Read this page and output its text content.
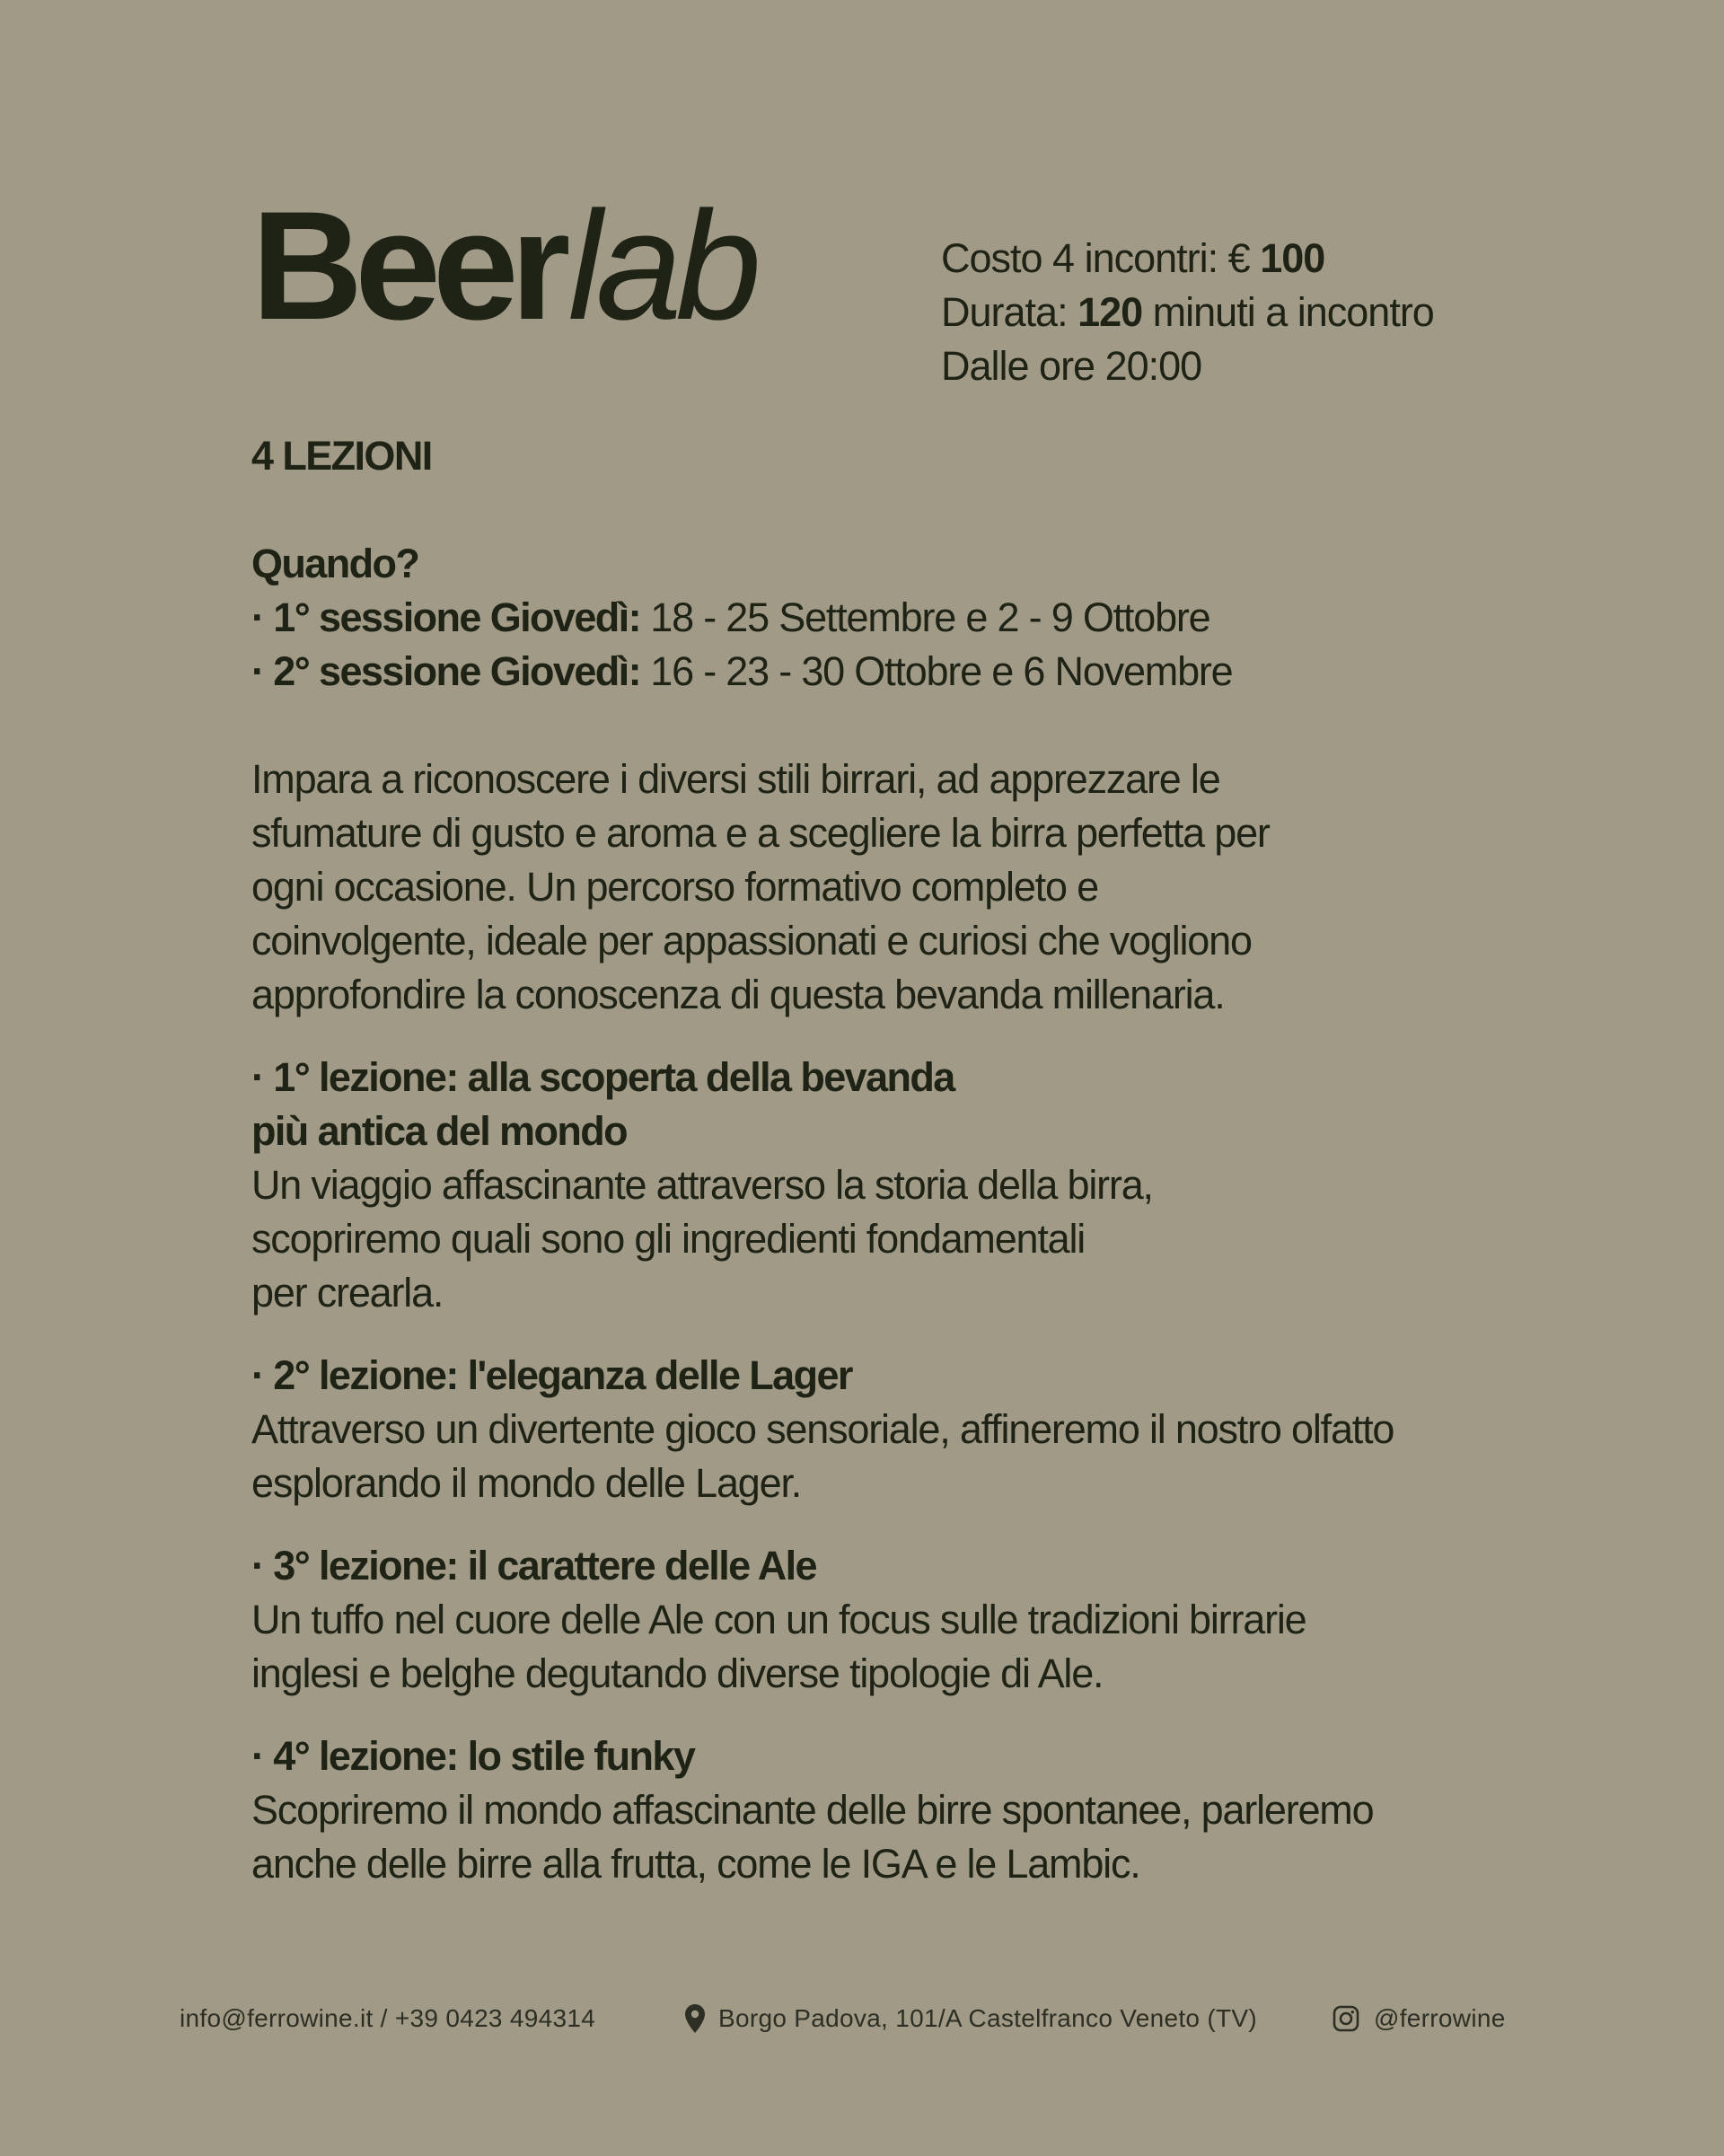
Beerlab	Costo 4 incontri: € 100
Durata: 120 minuti a incontro
Dalle ore 20:00
4 LEZIONI
Quando?
· 1° sessione Giovedì: 18 - 25 Settembre e 2 - 9 Ottobre
· 2° sessione Giovedì: 16 - 23 - 30 Ottobre e 6 Novembre
Impara a riconoscere i diversi stili birrari, ad apprezzare le
sfumature di gusto e aroma e a scegliere la birra perfetta per
ogni occasione. Un percorso formativo completo e
coinvolgente, ideale per appassionati e curiosi che vogliono
approfondire la conoscenza di questa bevanda millenaria.
· 1° lezione: alla scoperta della bevanda
più antica del mondo
Un viaggio affascinante attraverso la storia della birra,
scopriremo quali sono gli ingredienti fondamentali
per crearla.
· 2° lezione: l'eleganza delle Lager
Attraverso un divertente gioco sensoriale, affineremo il nostro olfatto
esplorando il mondo delle Lager.
· 3° lezione: il carattere delle Ale
Un tuffo nel cuore delle Ale con un focus sulle tradizioni birrarie
inglesi e belghe degutando diverse tipologie di Ale.
· 4° lezione: lo stile funky
Scopriremo il mondo affascinante delle birre spontanee, parleremo
anche delle birre alla frutta, come le IGA e le Lambic.
info@ferrowine.it / +39 0423 494314	Borgo Padova, 101/A Castelfranco Veneto (TV)	@ferrowine
